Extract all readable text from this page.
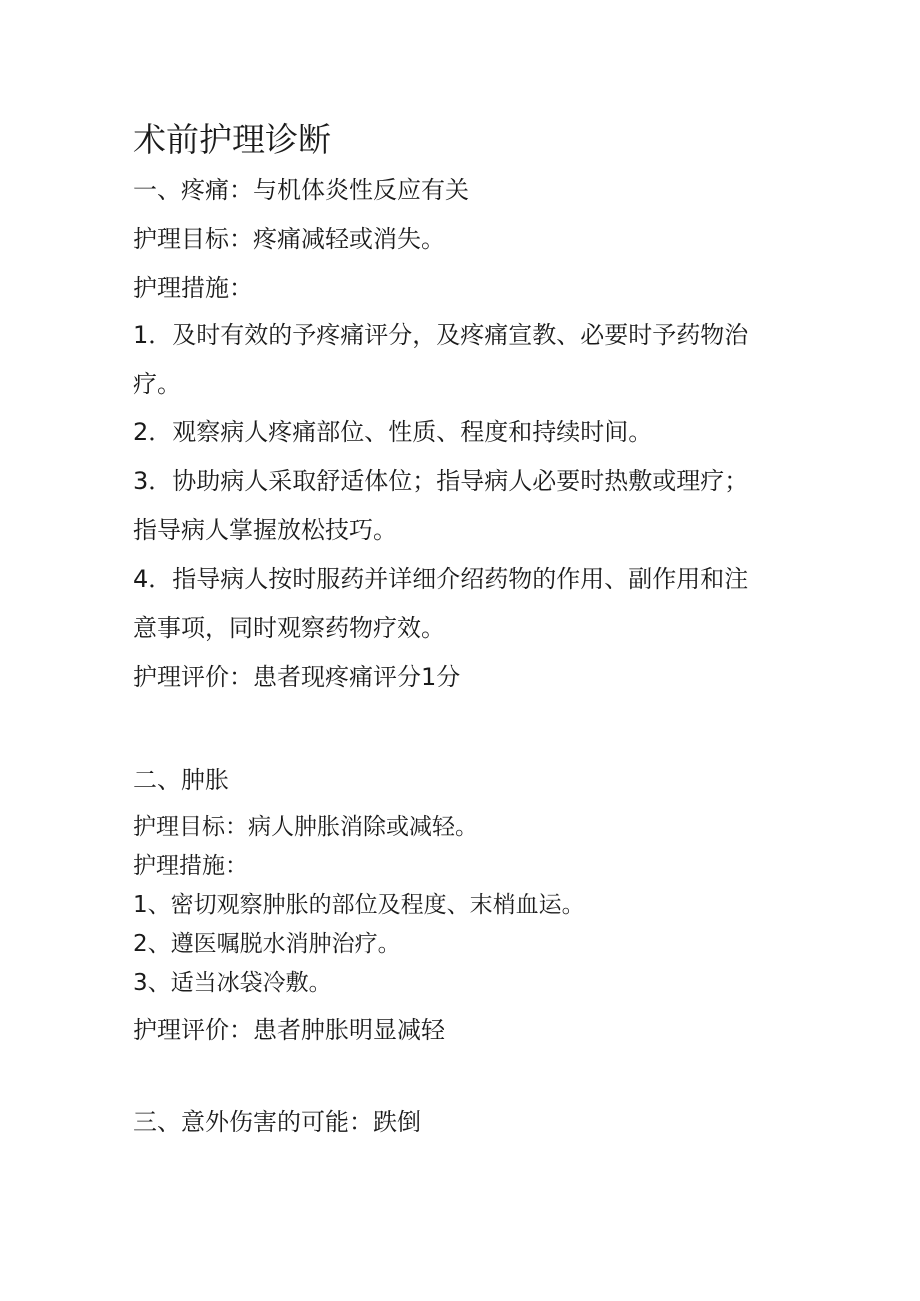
术前护理诊断
一、疼痛：与机体炎性反应有关
护理目标：疼痛减轻或消失。
护理措施：
1．及时有效的予疼痛评分，及疼痛宣教、必要时予药物治
疗。
2．观察病人疼痛部位、性质、程度和持续时间。
3．协助病人采取舒适体位；指导病人必要时热敷或理疗；
指导病人掌握放松技巧。
4．指导病人按时服药并详细介绍药物的作用、副作用和注
意事项，同时观察药物疗效。
护理评价：患者现疼痛评分1分
二、肿胀
护理目标：病人肿胀消除或减轻。
护理措施：
1、密切观察肿胀的部位及程度、末梢血运。
2、遵医嘱脱水消肿治疗。
3、适当冰袋冷敷。
护理评价：患者肿胀明显减轻
三、意外伤害的可能：跌倒
